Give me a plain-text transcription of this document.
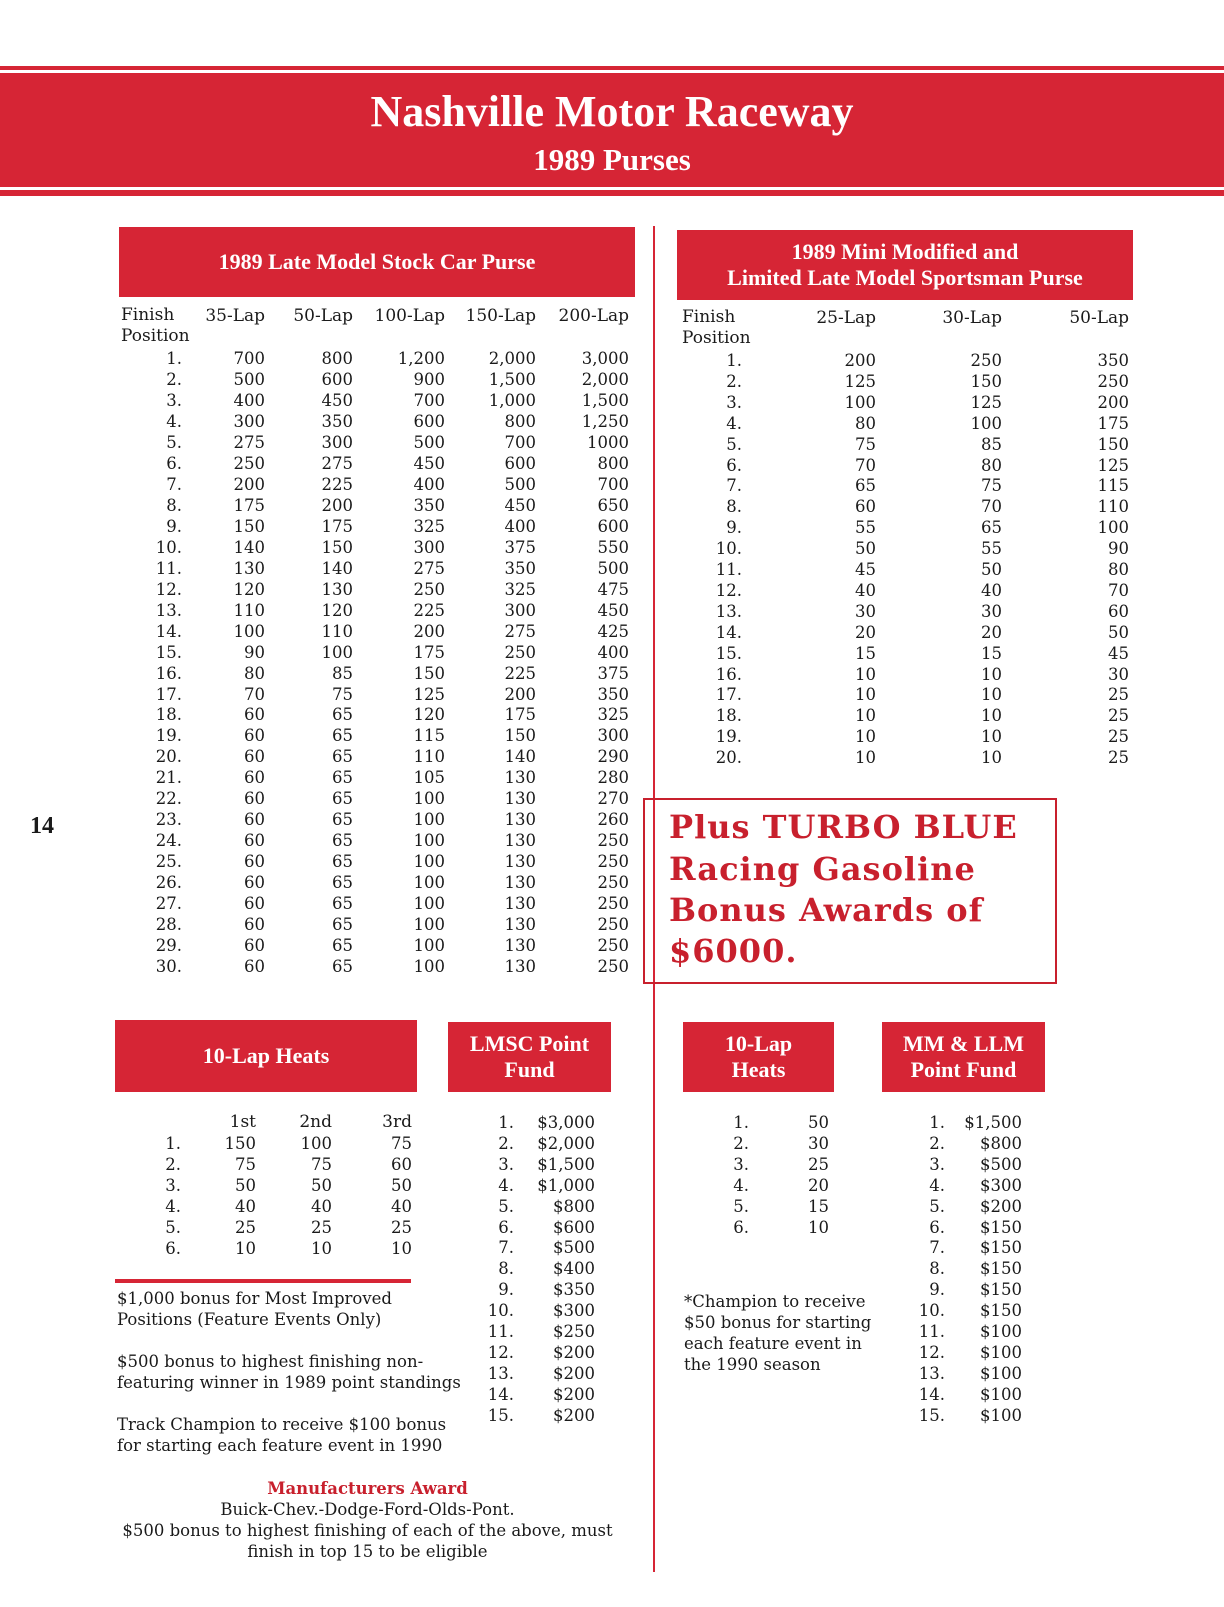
Nashville Motor Raceway
1989 Purses
14
1989 Late Model Stock Car Purse
Finish
Position
35-Lap	50-Lap	100-Lap	150-Lap	200-Lap
1.	700	800	1,200	2,000	3,000
2.	500	600	900	1,500	2,000
3.	400	450	700	1,000	1,500
4.	300	350	600	800	1,250
5.	275	300	500	700	1000
6.	250	275	450	600	800
7.	200	225	400	500	700
8.	175	200	350	450	650
9.	150	175	325	400	600
10.	140	150	300	375	550
11.	130	140	275	350	500
12.	120	130	250	325	475
13.	110	120	225	300	450
14.	100	110	200	275	425
15.	90	100	175	250	400
16.	80	85	150	225	375
17.	70	75	125	200	350
18.	60	65	120	175	325
19.	60	65	115	150	300
20.	60	65	110	140	290
21.	60	65	105	130	280
22.	60	65	100	130	270
23.	60	65	100	130	260
24.	60	65	100	130	250
25.	60	65	100	130	250
26.	60	65	100	130	250
27.	60	65	100	130	250
28.	60	65	100	130	250
29.	60	65	100	130	250
30.	60	65	100	130	250
1989 Mini Modified and
Limited Late Model Sportsman Purse
Finish
Position
25-Lap	30-Lap	50-Lap
1.	200	250	350
2.	125	150	250
3.	100	125	200
4.	80	100	175
5.	75	85	150
6.	70	80	125
7.	65	75	115
8.	60	70	110
9.	55	65	100
10.	50	55	90
11.	45	50	80
12.	40	40	70
13.	30	30	60
14.	20	20	50
15.	15	15	45
16.	10	10	30
17.	10	10	25
18.	10	10	25
19.	10	10	25
20.	10	10	25
Plus TURBO BLUE
Racing Gasoline
Bonus Awards of
$6000.
10-Lap Heats
1st	2nd	3rd
1.	150	100	75
2.	75	75	60
3.	50	50	50
4.	40	40	40
5.	25	25	25
6.	10	10	10
LMSC Point
Fund
1.	$3,000
2.	$2,000
3.	$1,500
4.	$1,000
5.	$800
6.	$600
7.	$500
8.	$400
9.	$350
10.	$300
11.	$250
12.	$200
13.	$200
14.	$200
15.	$200
$1,000 bonus for Most Improved
Positions (Feature Events Only)
$500 bonus to highest finishing non-
featuring winner in 1989 point standings
Track Champion to receive $100 bonus
for starting each feature event in 1990
Manufacturers Award
Buick-Chev.-Dodge-Ford-Olds-Pont.
$500 bonus to highest finishing of each of the above, must
finish in top 15 to be eligible
10-Lap
Heats
1.	50
2.	30
3.	25
4.	20
5.	15
6.	10
*Champion to receive
$50 bonus for starting
each feature event in
the 1990 season
MM & LLM
Point Fund
1.	$1,500
2.	$800
3.	$500
4.	$300
5.	$200
6.	$150
7.	$150
8.	$150
9.	$150
10.	$150
11.	$100
12.	$100
13.	$100
14.	$100
15.	$100
